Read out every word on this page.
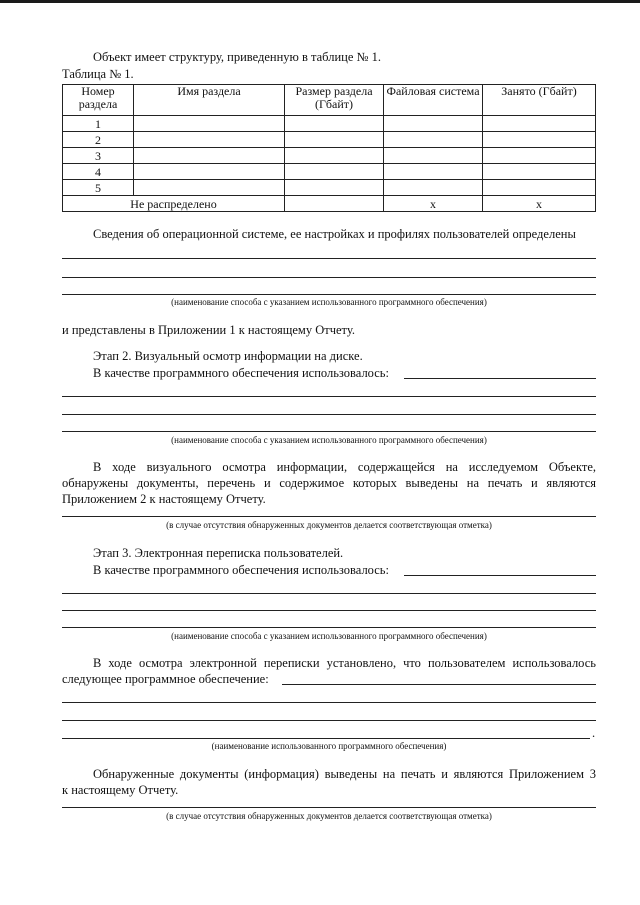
Объект имеет структуру, приведенную в таблице № 1.
Таблица № 1.
Номер раздела	Имя раздела	Размер раздела (Гбайт)	Файловая система	Занято (Гбайт)
1				
2				
3				
4				
5				
Не распределено			х	х
Сведения об операционной системе, ее настройках и профилях пользователей определены
(наименование способа с указанием использованного программного обеспечения)
и представлены в Приложении 1 к настоящему Отчету.
Этап 2. Визуальный осмотр информации на диске.
В качестве программного обеспечения использовалось:
(наименование способа с указанием использованного программного обеспечения)
В ходе визуального осмотра информации, содержащейся на исследуемом Объекте,
обнаружены документы, перечень и содержимое которых выведены на печать и являются
Приложением 2 к настоящему Отчету.
(в случае отсутствия обнаруженных документов делается соответствующая отметка)
Этап 3. Электронная переписка пользователей.
В качестве программного обеспечения использовалось:
(наименование способа с указанием использованного программного обеспечения)
В ходе осмотра электронной переписки установлено, что пользователем использовалось
следующее программное обеспечение:
.
(наименование использованного программного обеспечения)
Обнаруженные документы (информация) выведены на печать и являются Приложением 3
к настоящему Отчету.
(в случае отсутствия обнаруженных документов делается соответствующая отметка)
